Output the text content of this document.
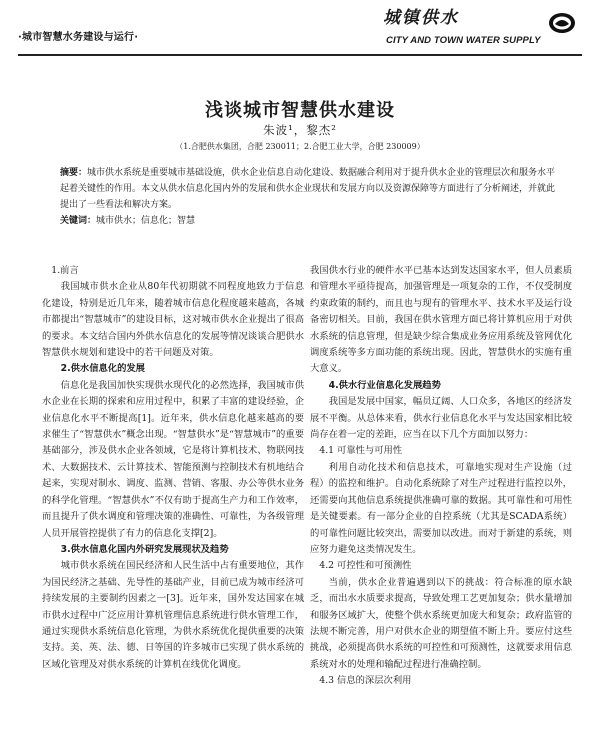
·城市智慧水务建设与运行·
城镇供水
CITY AND TOWN WATER SUPPLY
浅谈城市智慧供水建设
朱波¹，黎杰²
（1.合肥供水集团，合肥 230011；2.合肥工业大学，合肥 230009）
摘要：城市供水系统是重要城市基础设施，供水企业信息自动化建设、数据融合利用对于提升供水企业的管理层次和服务水平起着关键性的作用。本文从供水信息化国内外的发展和供水企业现状和发展方向以及资源保障等方面进行了分析阐述，并就此提出了一些看法和解决方案。
关键词：城市供水；信息化；智慧

1.前言

我国城市供水企业从80年代初期就不同程度地致力于信息化建设，特别是近几年来，随着城市信息化程度越来越高，各城市都提出“智慧城市”的建设目标，这对城市供水企业提出了很高的要求。本文结合国内外供水信息化的发展等情况谈谈合肥供水智慧供水规划和建设中的若干问题及对策。

2.供水信息化的发展

信息化是我国加快实现供水现代化的必然选择，我国城市供水企业在长期的探索和应用过程中，积累了丰富的建设经验，企业信息化水平不断提高[1]。近年来，供水信息化越来越高的要求催生了“智慧供水”概念出现。“智慧供水”是“智慧城市”的重要基础部分，涉及供水企业各领域，它是将计算机技术、物联网技术、大数据技术、云计算技术、智能预测与控制技术有机地结合起来，实现对制水、调度、监测、营销、客服、办公等供水业务的科学化管理。“智慧供水”不仅有助于提高生产力和工作效率，而且提升了供水调度和管理决策的准确性、可靠性，为各级管理人员开展管控提供了有力的信息化支撑[2]。

3.供水信息化国内外研究发展现状及趋势

城市供水系统在国民经济和人民生活中占有重要地位，其作为国民经济之基础、先导性的基础产业，目前已成为城市经济可持续发展的主要制约因素之一[3]。近年来，国外发达国家在城市供水过程中广泛应用计算机管理信息系统进行供水管理工作，通过实现供水系统信息化管理，为供水系统优化提供重要的决策支持。美、英、法、德、日等国的许多城市已实现了供水系统的区域化管理及对供水系统的计算机在线优化调度。

我国供水行业的硬件水平已基本达到发达国家水平，但人员素质和管理水平亟待提高，加强管理是一项复杂的工作，不仅受制度约束政策的制约，而且也与现有的管理水平、技术水平及运行设备密切相关。目前，我国在供水管理方面已将计算机应用于对供水系统的信息管理，但是缺少综合集成业务应用系统及管网优化调度系统等多方面功能的系统出现。因此，智慧供水的实施有重大意义。

4.供水行业信息化发展趋势

我国是发展中国家，幅员辽阔、人口众多，各地区的经济发展不平衡。从总体来看，供水行业信息化水平与发达国家相比较尚存在着一定的差距，应当在以下几个方面加以努力：

4.1 可靠性与可用性

利用自动化技术和信息技术，可靠地实现对生产设施（过程）的监控和维护。自动化系统除了对生产过程进行监控以外，还需要向其他信息系统提供准确可靠的数据。其可靠性和可用性是关键要素。有一部分企业的自控系统（尤其是SCADA系统）的可靠性问题比较突出，需要加以改进。而对于新建的系统，则应努力避免这类情况发生。

4.2 可控性和可预测性

当前，供水企业普遍遇到以下的挑战：符合标准的原水缺乏，而出水水质要求提高，导致处理工艺更加复杂；供水量增加和服务区域扩大，使整个供水系统更加庞大和复杂；政府监管的法规不断完善，用户对供水企业的期望值不断上升。要应付这些挑战，必须提高供水系统的可控性和可预测性，这就要求用信息系统对水的处理和输配过程进行准确控制。

4.3 信息的深层次利用
